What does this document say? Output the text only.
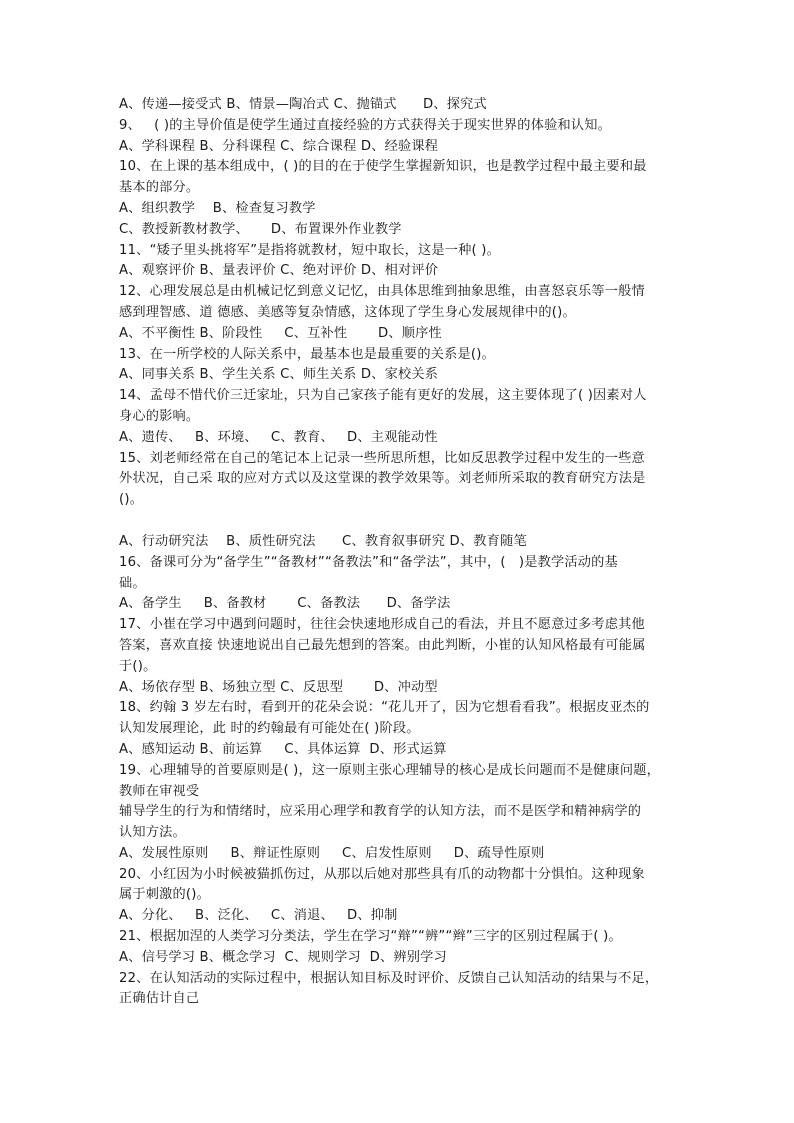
A、传递—接受式 B、情景—陶冶式 C、抛锚式      D、探究式
9、   ( )的主导价值是使学生通过直接经验的方式获得关于现实世界的体验和认知。
A、学科课程 B、分科课程 C、综合课程 D、经验课程
10、在上课的基本组成中，( )的目的在于使学生掌握新知识，也是教学过程中最主要和最
基本的部分。
A、组织教学    B、检查复习教学
C、教授新教材教学、     D、布置课外作业教学
11、“矮子里头挑将军”是指将就教材，短中取长，这是一种( )。
A、观察评价 B、量表评价 C、绝对评价 D、相对评价
12、心理发展总是由机械记忆到意义记忆，由具体思维到抽象思维，由喜怒哀乐等一般情
感到理智感、道 德感、美感等复杂情感，这体现了学生身心发展规律中的()。
A、不平衡性 B、阶段性     C、互补性       D、顺序性
13、在一所学校的人际关系中，最基本也是最重要的关系是()。
A、同事关系 B、学生关系 C、师生关系 D、家校关系
14、孟母不惜代价三迁家址，只为自己家孩子能有更好的发展，这主要体现了( )因素对人
身心的影响。
A、遗传、   B、环境、   C、教育、   D、主观能动性
15、刘老师经常在自己的笔记本上记录一些所思所想，比如反思教学过程中发生的一些意
外状况，自己采 取的应对方式以及这堂课的教学效果等。刘老师所采取的教育研究方法是
()。
A、行动研究法    B、质性研究法      C、教育叙事研究 D、教育随笔
16、备课可分为“备学生”“备教材”“备教法”和“备学法”，其中，(   )是教学活动的基
础。
A、备学生     B、备教材       C、备教法      D、备学法
17、小崔在学习中遇到问题时，往往会快速地形成自己的看法，并且不愿意过多考虑其他
答案，喜欢直接 快速地说出自己最先想到的答案。由此判断，小崔的认知风格最有可能属
于()。
A、场依存型 B、场独立型 C、反思型       D、冲动型
18、约翰 3 岁左右时，看到开的花朵会说：“花儿开了，因为它想看看我”。根据皮亚杰的
认知发展理论，此 时的约翰最有可能处在( )阶段。
A、感知运动 B、前运算     C、具体运算  D、形式运算
19、心理辅导的首要原则是( )，这一原则主张心理辅导的核心是成长问题而不是健康问题，
教师在审视受
辅导学生的行为和情绪时，应采用心理学和教育学的认知方法，而不是医学和精神病学的
认知方法。
A、发展性原则     B、辩证性原则     C、启发性原则     D、疏导性原则
20、小红因为小时候被猫抓伤过，从那以后她对那些具有爪的动物都十分惧怕。这种现象
属于刺激的()。
A、分化、   B、泛化、   C、消退、   D、抑制
21、根据加涅的人类学习分类法，学生在学习“辩”“辨”“辫”三字的区别过程属于( )。
A、信号学习 B、概念学习  C、规则学习  D、辨别学习
22、在认知活动的实际过程中，根据认知目标及时评价、反馈自己认知活动的结果与不足，
正确估计自己
